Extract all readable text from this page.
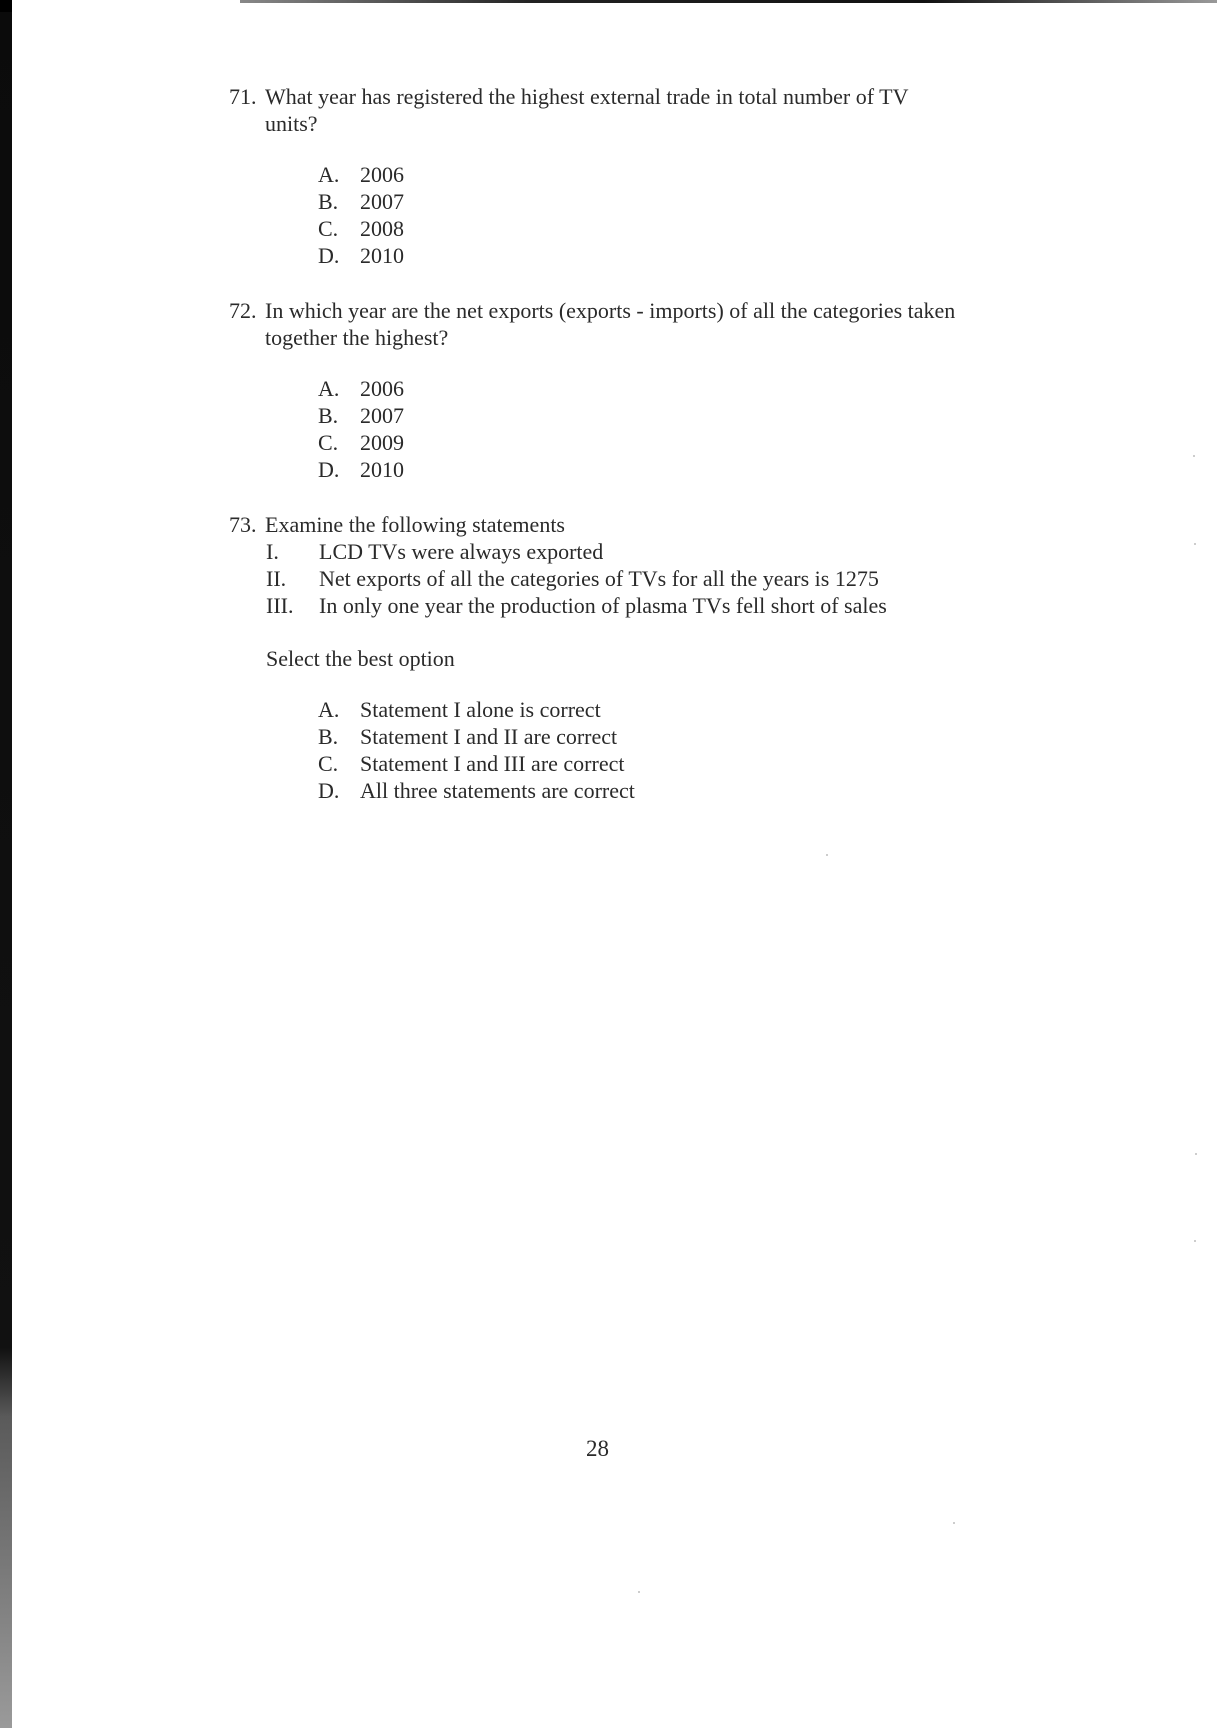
71. What year has registered the highest external trade in total number of TV
units?
A. 2006
B. 2007
C. 2008
D. 2010
72. In which year are the net exports (exports - imports) of all the categories taken
together the highest?
A. 2006
B. 2007
C. 2009
D. 2010
73. Examine the following statements
I.	LCD TVs were always exported
II.	Net exports of all the categories of TVs for all the years is 1275
III.	In only one year the production of plasma TVs fell short of sales
Select the best option
A. Statement I alone is correct
B. Statement I and II are correct
C. Statement I and III are correct
D. All three statements are correct
28
